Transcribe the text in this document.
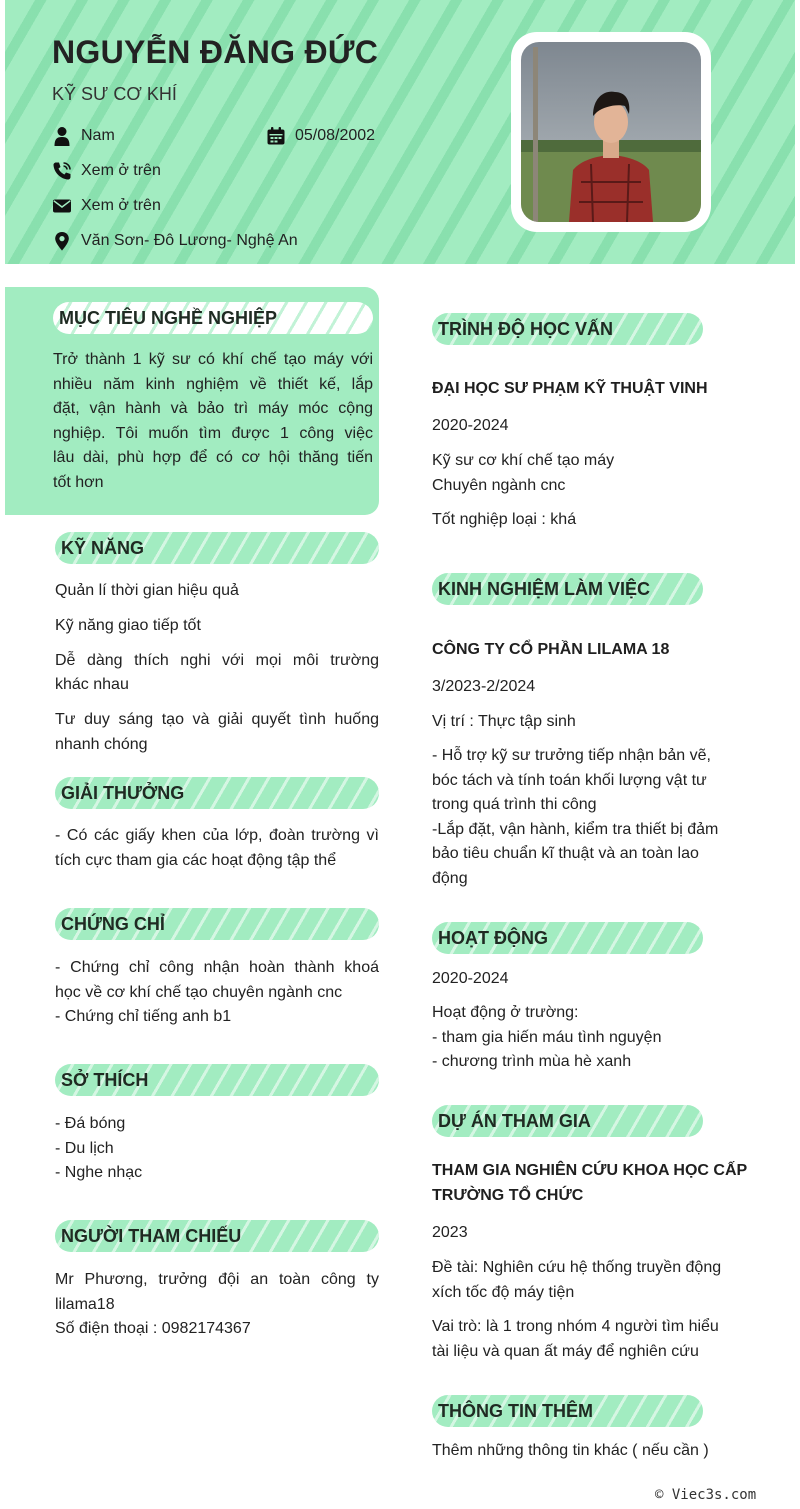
NGUYỄN ĐĂNG ĐỨC
KỸ SƯ CƠ KHÍ
Nam	05/08/2002
Xem ở trên
Xem ở trên
Văn Sơn- Đô Lương- Nghệ An
MỤC TIÊU NGHỀ NGHIỆP
Trở thành 1 kỹ sư có khí chế tạo máy với
nhiều năm kinh nghiệm về thiết kế, lắp
đặt, vận hành và bảo trì máy móc cộng
nghiệp. Tôi muốn tìm được 1 công việc
lâu dài, phù hợp để có cơ hội thăng tiến
tốt hơn
KỸ NĂNG
Quản lí thời gian hiệu quả
Kỹ năng giao tiếp tốt
Dễ dàng thích nghi với mọi môi trường
khác nhau
Tư duy sáng tạo và giải quyết tình huống
nhanh chóng
GIẢI THƯỞNG
- Có các giấy khen của lớp, đoàn trường vì
tích cực tham gia các hoạt động tập thể
CHỨNG CHỈ
- Chứng chỉ công nhận hoàn thành khoá
học về cơ khí chế tạo chuyên ngành cnc
- Chứng chỉ tiếng anh b1
SỞ THÍCH
- Đá bóng
- Du lịch
- Nghe nhạc
NGƯỜI THAM CHIẾU
Mr Phương, trưởng đội an toàn công ty
lilama18
Số điện thoại : 0982174367
TRÌNH ĐỘ HỌC VẤN
ĐẠI HỌC SƯ PHẠM KỸ THUẬT VINH
2020-2024
Kỹ sư cơ khí chế tạo máy
Chuyên ngành cnc
Tốt nghiệp loại : khá
KINH NGHIỆM LÀM VIỆC
CÔNG TY CỔ PHẦN LILAMA 18
3/2023-2/2024
Vị trí : Thực tập sinh
- Hỗ trợ kỹ sư trưởng tiếp nhận bản vẽ,
bóc tách và tính toán khối lượng vật tư
trong quá trình thi công
-Lắp đặt, vận hành, kiểm tra thiết bị đảm
bảo tiêu chuẩn kĩ thuật và an toàn lao
động
HOẠT ĐỘNG
2020-2024
Hoạt động ở trường:
- tham gia hiến máu tình nguyện
- chương trình mùa hè xanh
DỰ ÁN THAM GIA
THAM GIA NGHIÊN CỨU KHOA HỌC CẤP
TRƯỜNG TỔ CHỨC
2023
Đề tài: Nghiên cứu hệ thống truyền động
xích tốc độ máy tiện
Vai trò: là 1 trong nhóm 4 người tìm hiểu
tài liệu và quan ất máy để nghiên cứu
THÔNG TIN THÊM
Thêm những thông tin khác ( nếu cần )
© Viec3s.com
